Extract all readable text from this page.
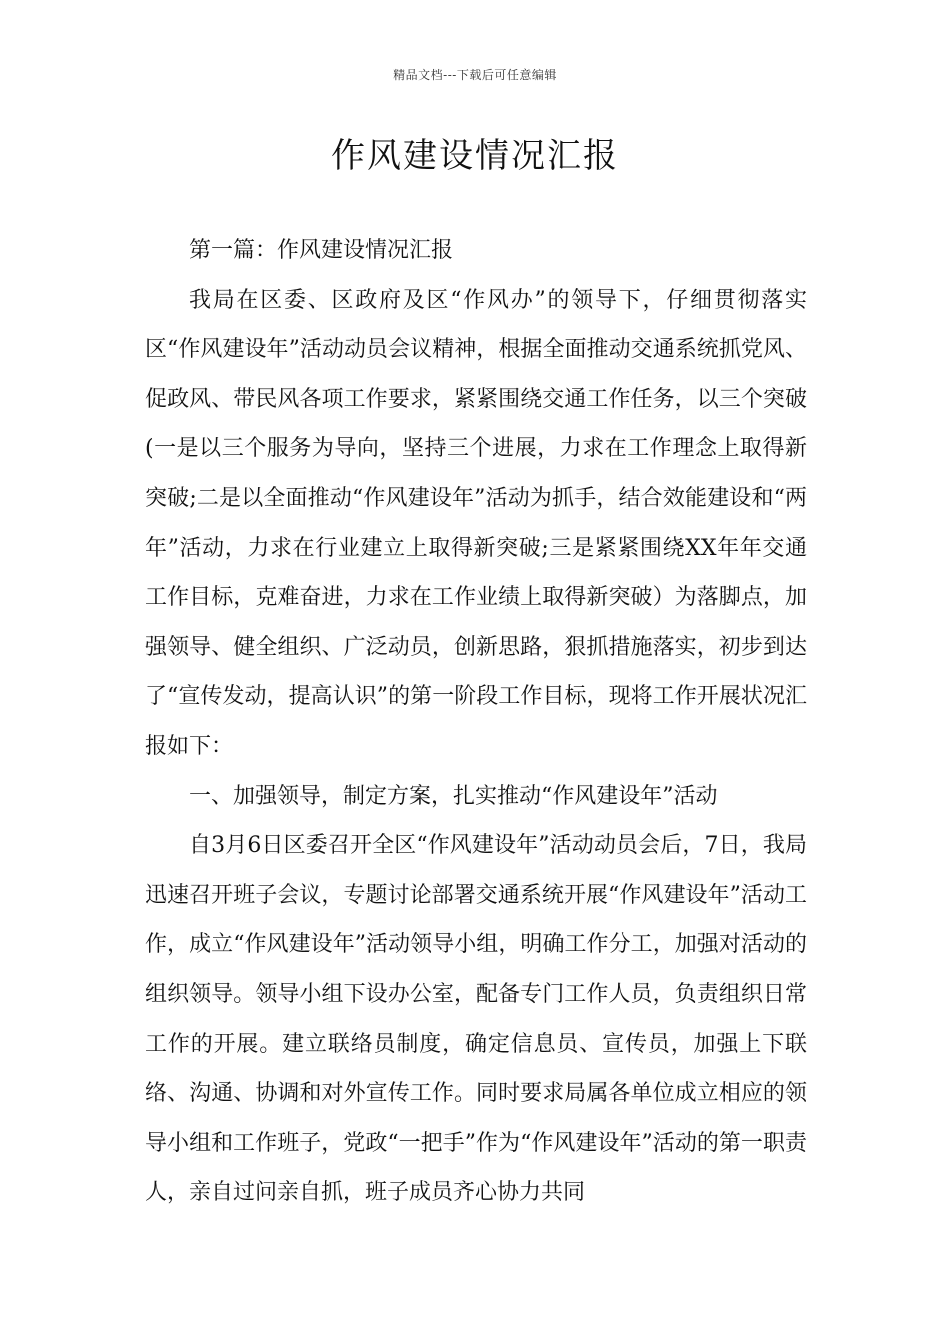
精品文档---下载后可任意编辑
作风建设情况汇报

第一篇：作风建设情况汇报

我局在区委、区政府及区“作风办”的领导下，仔细贯彻落实区“作风建设年”活动动员会议精神，根据全面推动交通系统抓党风、促政风、带民风各项工作要求，紧紧围绕交通工作任务，以三个突破(一是以三个服务为导向，坚持三个进展，力求在工作理念上取得新突破;二是以全面推动“作风建设年”活动为抓手，结合效能建设和“两年”活动，力求在行业建立上取得新突破;三是紧紧围绕XX年年交通工作目标，克难奋进，力求在工作业绩上取得新突破）为落脚点，加强领导、健全组织、广泛动员，创新思路，狠抓措施落实，初步到达了“宣传发动，提高认识”的第一阶段工作目标，现将工作开展状况汇报如下：

一、加强领导，制定方案，扎实推动“作风建设年”活动

自3月6日区委召开全区“作风建设年”活动动员会后，7日，我局迅速召开班子会议，专题讨论部署交通系统开展“作风建设年”活动工作，成立“作风建设年”活动领导小组，明确工作分工，加强对活动的组织领导。领导小组下设办公室，配备专门工作人员，负责组织日常工作的开展。建立联络员制度，确定信息员、宣传员，加强上下联络、沟通、协调和对外宣传工作。同时要求局属各单位成立相应的领导小组和工作班子，党政“一把手”作为“作风建设年”活动的第一职责人，亲自过问亲自抓，班子成员齐心协力共同
